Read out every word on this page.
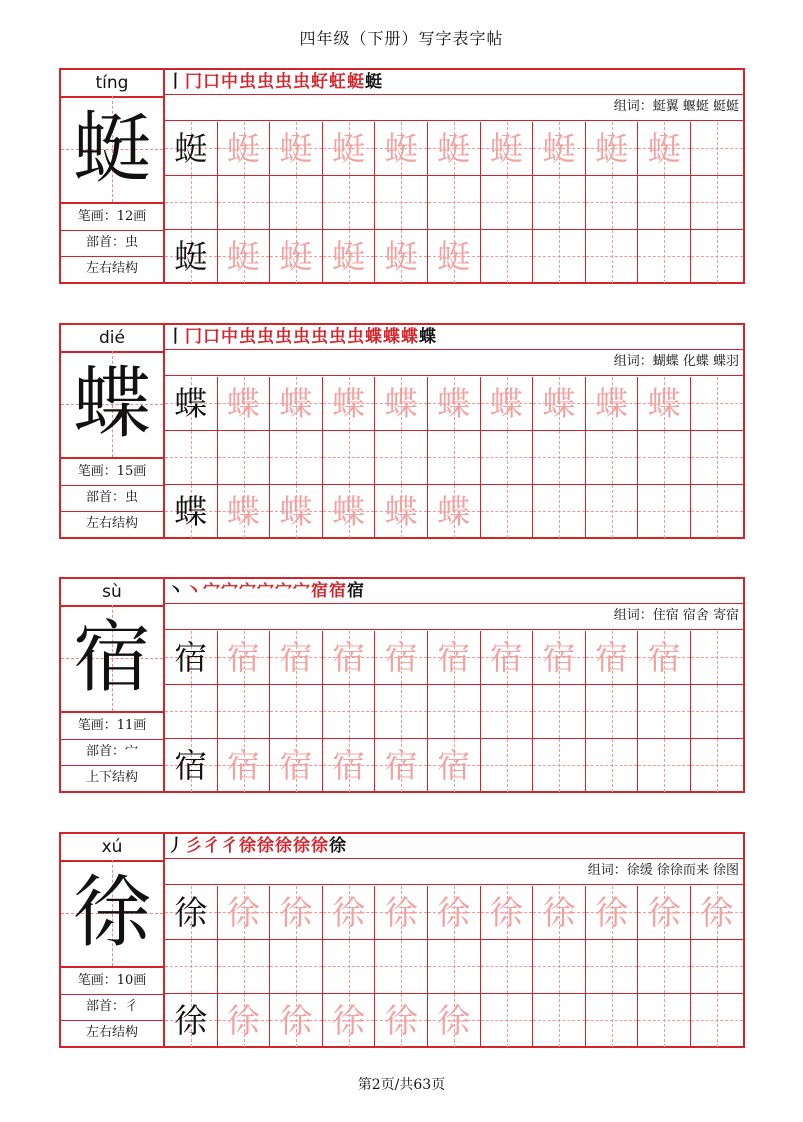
四年级（下册）写字表字帖
tíng
蜓
笔画：12画
部首：虫
左右结构
丨冂口中虫虫虫虫虸蚟蜓蜓
组词：蜓翼 蝘蜓 蜓蜓
蜓 蜓 蜓 蜓 蜓 蜓 蜓 蜓 蜓 蜓
蜓 蜓 蜓 蜓 蜓 蜓
dié
蝶
笔画：15画
部首：虫
左右结构
丨冂口中虫虫虫虫虫虫虫蝶蝶蝶蝶
组词：蝴蝶 化蝶 蝶羽
蝶 蝶 蝶 蝶 蝶 蝶 蝶 蝶 蝶 蝶
蝶 蝶 蝶 蝶 蝶 蝶
sù
宿
笔画：11画
部首：宀
上下结构
丶丶宀宀宀宀宀宀宿宿宿
组词：住宿 宿舍 寄宿
宿 宿 宿 宿 宿 宿 宿 宿 宿 宿
宿 宿 宿 宿 宿 宿
xú
徐
笔画：10画
部首：彳
左右结构
丿彡彳彳徐徐徐徐徐徐
组词：徐缓 徐徐而来 徐图
徐 徐 徐 徐 徐 徐 徐 徐 徐 徐 徐
徐 徐 徐 徐 徐 徐
第2页/共63页
